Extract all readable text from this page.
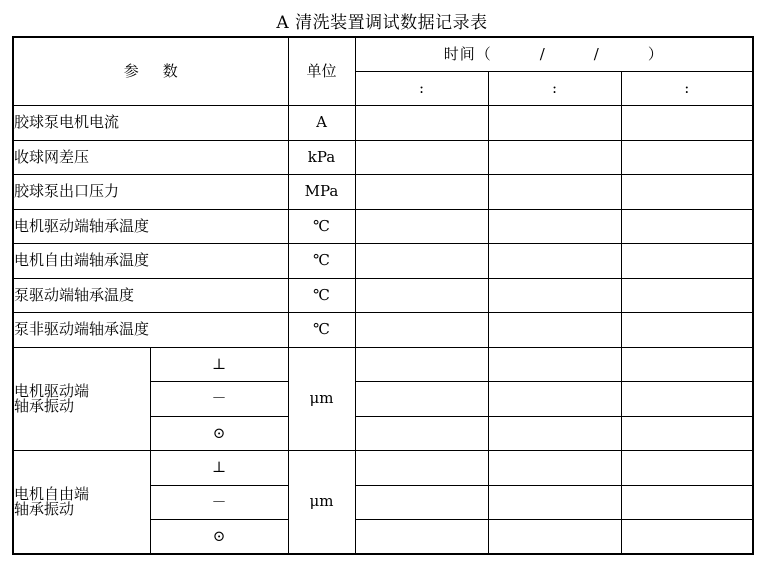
A 清洗装置调试数据记录表
参数		单位	时间（　　　/　　　/　　　）		
			:	:	:
胶球泵电机电流		A			
收球网差压		kPa			
胶球泵出口压力		MPa			
电机驱动端轴承温度		℃			
电机自由端轴承温度		℃			
泵驱动端轴承温度		℃			
泵非驱动端轴承温度		℃			
电机驱动端
轴承振动	⊥	μm			
	－				
	⊙				
电机自由端
轴承振动	⊥	μm			
	－				
	⊙				
